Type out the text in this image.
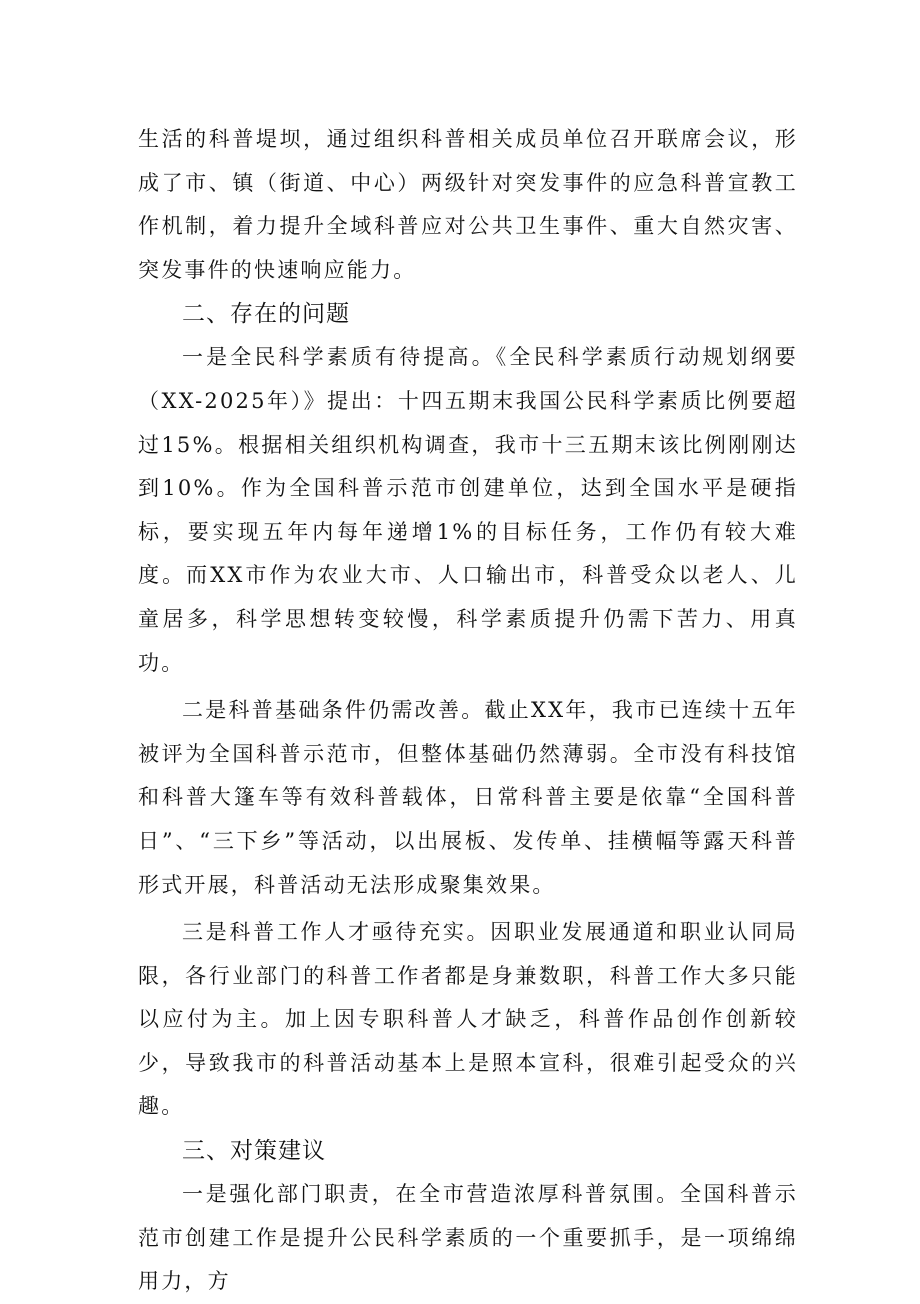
生活的科普堤坝，通过组织科普相关成员单位召开联席会议，形成了市、镇（街道、中心）两级针对突发事件的应急科普宣教工作机制，着力提升全域科普应对公共卫生事件、重大自然灾害、突发事件的快速响应能力。

二、存在的问题

一是全民科学素质有待提高。《全民科学素质行动规划纲要（XX-2025年）》提出：十四五期末我国公民科学素质比例要超过15%。根据相关组织机构调查，我市十三五期末该比例刚刚达到10%。作为全国科普示范市创建单位，达到全国水平是硬指标，要实现五年内每年递增1%的目标任务，工作仍有较大难度。而XX市作为农业大市、人口输出市，科普受众以老人、儿童居多，科学思想转变较慢，科学素质提升仍需下苦力、用真功。

二是科普基础条件仍需改善。截止XX年，我市已连续十五年被评为全国科普示范市，但整体基础仍然薄弱。全市没有科技馆和科普大篷车等有效科普载体，日常科普主要是依靠“全国科普日”、“三下乡”等活动，以出展板、发传单、挂横幅等露天科普形式开展，科普活动无法形成聚集效果。

三是科普工作人才亟待充实。因职业发展通道和职业认同局限，各行业部门的科普工作者都是身兼数职，科普工作大多只能以应付为主。加上因专职科普人才缺乏，科普作品创作创新较少，导致我市的科普活动基本上是照本宣科，很难引起受众的兴趣。

三、对策建议

一是强化部门职责，在全市营造浓厚科普氛围。全国科普示范市创建工作是提升公民科学素质的一个重要抓手，是一项绵绵用力，方
